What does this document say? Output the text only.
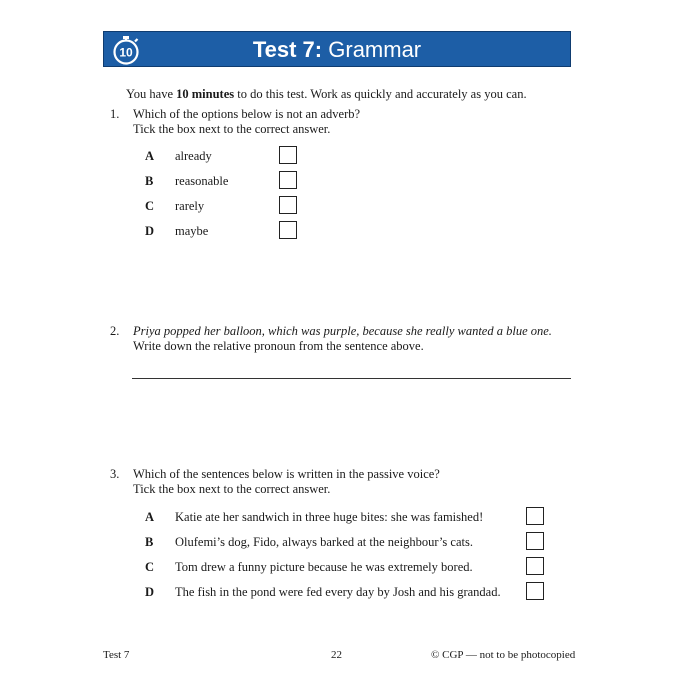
10	Test 7: Grammar
You have 10 minutes to do this test. Work as quickly and accurately as you can.
1. Which of the options below is not an adverb?
Tick the box next to the correct answer.
A already
B reasonable
C rarely
D maybe
2. Priya popped her balloon, which was purple, because she really wanted a blue one.
Write down the relative pronoun from the sentence above.
3. Which of the sentences below is written in the passive voice?
Tick the box next to the correct answer.
A Katie ate her sandwich in three huge bites: she was famished!
B Olufemi’s dog, Fido, always barked at the neighbour’s cats.
C Tom drew a funny picture because he was extremely bored.
D The fish in the pond were fed every day by Josh and his grandad.
Test 7	22	© CGP — not to be photocopied
